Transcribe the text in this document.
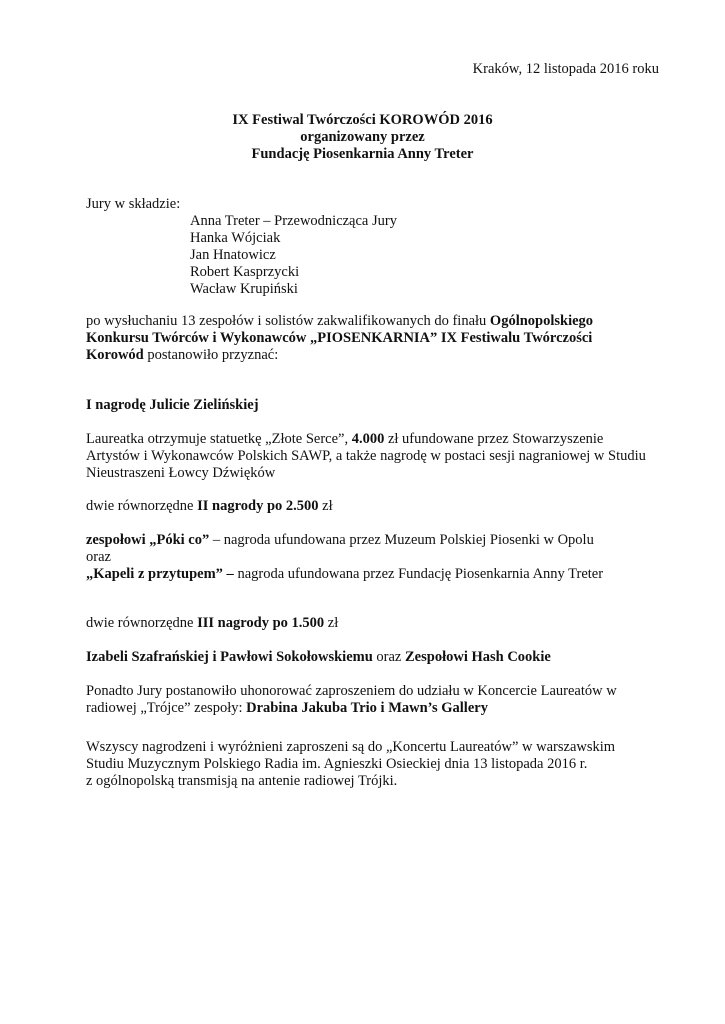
Kraków, 12 listopada 2016 roku
IX Festiwal Twórczości KOROWÓD 2016
organizowany przez
Fundację Piosenkarnia Anny Treter
Jury w składzie:
Anna Treter – Przewodnicząca Jury
Hanka Wójciak
Jan Hnatowicz
Robert Kasprzycki
Wacław Krupiński
po wysłuchaniu 13 zespołów i solistów zakwalifikowanych do finału Ogólnopolskiego
Konkursu Twórców i Wykonawców „PIOSENKARNIA” IX Festiwalu Twórczości
Korowód postanowiło przyznać:
I nagrodę Julicie Zielińskiej
Laureatka otrzymuje statuetkę „Złote Serce”, 4.000 zł ufundowane przez Stowarzyszenie
Artystów i Wykonawców Polskich SAWP, a także nagrodę w postaci sesji nagraniowej w Studiu
Nieustraszeni Łowcy Dźwięków
dwie równorzędne II nagrody po 2.500 zł
zespołowi „Póki co” – nagroda ufundowana przez Muzeum Polskiej Piosenki w Opolu
oraz
„Kapeli z przytupem” – nagroda ufundowana przez Fundację Piosenkarnia Anny Treter
dwie równorzędne III nagrody po 1.500 zł
Izabeli Szafrańskiej i Pawłowi Sokołowskiemu oraz Zespołowi Hash Cookie
Ponadto Jury postanowiło uhonorować zaproszeniem do udziału w Koncercie Laureatów w
radiowej „Trójce” zespoły: Drabina Jakuba Trio i Mawn’s Gallery
Wszyscy nagrodzeni i wyróżnieni zaproszeni są do „Koncertu Laureatów” w warszawskim
Studiu Muzycznym Polskiego Radia im. Agnieszki Osieckiej dnia 13 listopada 2016 r.
z ogólnopolską transmisją na antenie radiowej Trójki.
